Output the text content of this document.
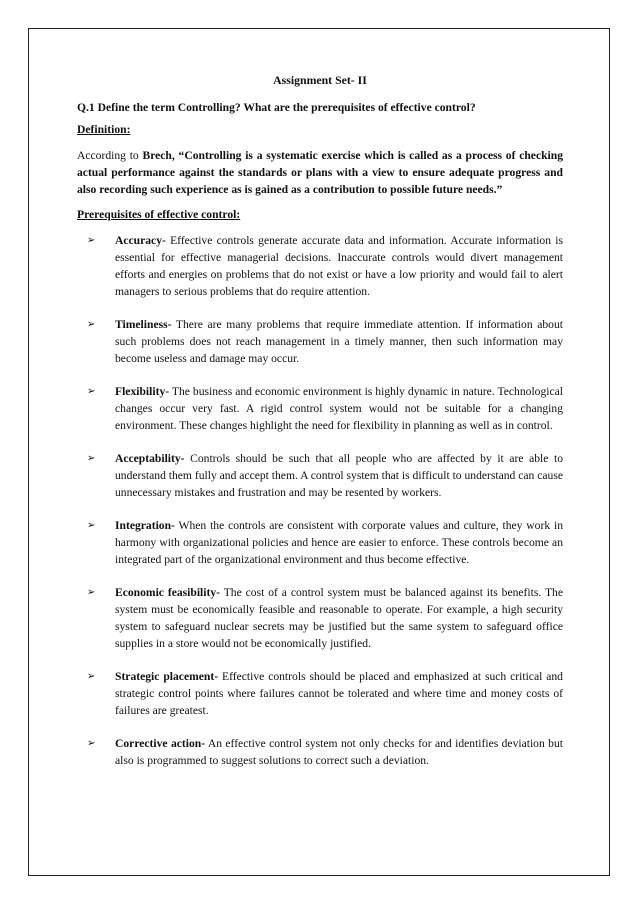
Assignment Set- II

Q.1 Define the term Controlling? What are the prerequisites of effective control?

Definition:

According to Brech, “Controlling is a systematic exercise which is called as a process of checking actual performance against the standards or plans with a view to ensure adequate progress and also recording such experience as is gained as a contribution to possible future needs.”

Prerequisites of effective control:

➢ Accuracy- Effective controls generate accurate data and information. Accurate information is essential for effective managerial decisions. Inaccurate controls would divert management efforts and energies on problems that do not exist or have a low priority and would fail to alert managers to serious problems that do require attention.
➢ Timeliness- There are many problems that require immediate attention. If information about such problems does not reach management in a timely manner, then such information may become useless and damage may occur.
➢ Flexibility- The business and economic environment is highly dynamic in nature. Technological changes occur very fast. A rigid control system would not be suitable for a changing environment. These changes highlight the need for flexibility in planning as well as in control.
➢ Acceptability- Controls should be such that all people who are affected by it are able to understand them fully and accept them. A control system that is difficult to understand can cause unnecessary mistakes and frustration and may be resented by workers.
➢ Integration- When the controls are consistent with corporate values and culture, they work in harmony with organizational policies and hence are easier to enforce. These controls become an integrated part of the organizational environment and thus become effective.
➢ Economic feasibility- The cost of a control system must be balanced against its benefits. The system must be economically feasible and reasonable to operate. For example, a high security system to safeguard nuclear secrets may be justified but the same system to safeguard office supplies in a store would not be economically justified.
➢ Strategic placement- Effective controls should be placed and emphasized at such critical and strategic control points where failures cannot be tolerated and where time and money costs of failures are greatest.
➢ Corrective action- An effective control system not only checks for and identifies deviation but also is programmed to suggest solutions to correct such a deviation.
